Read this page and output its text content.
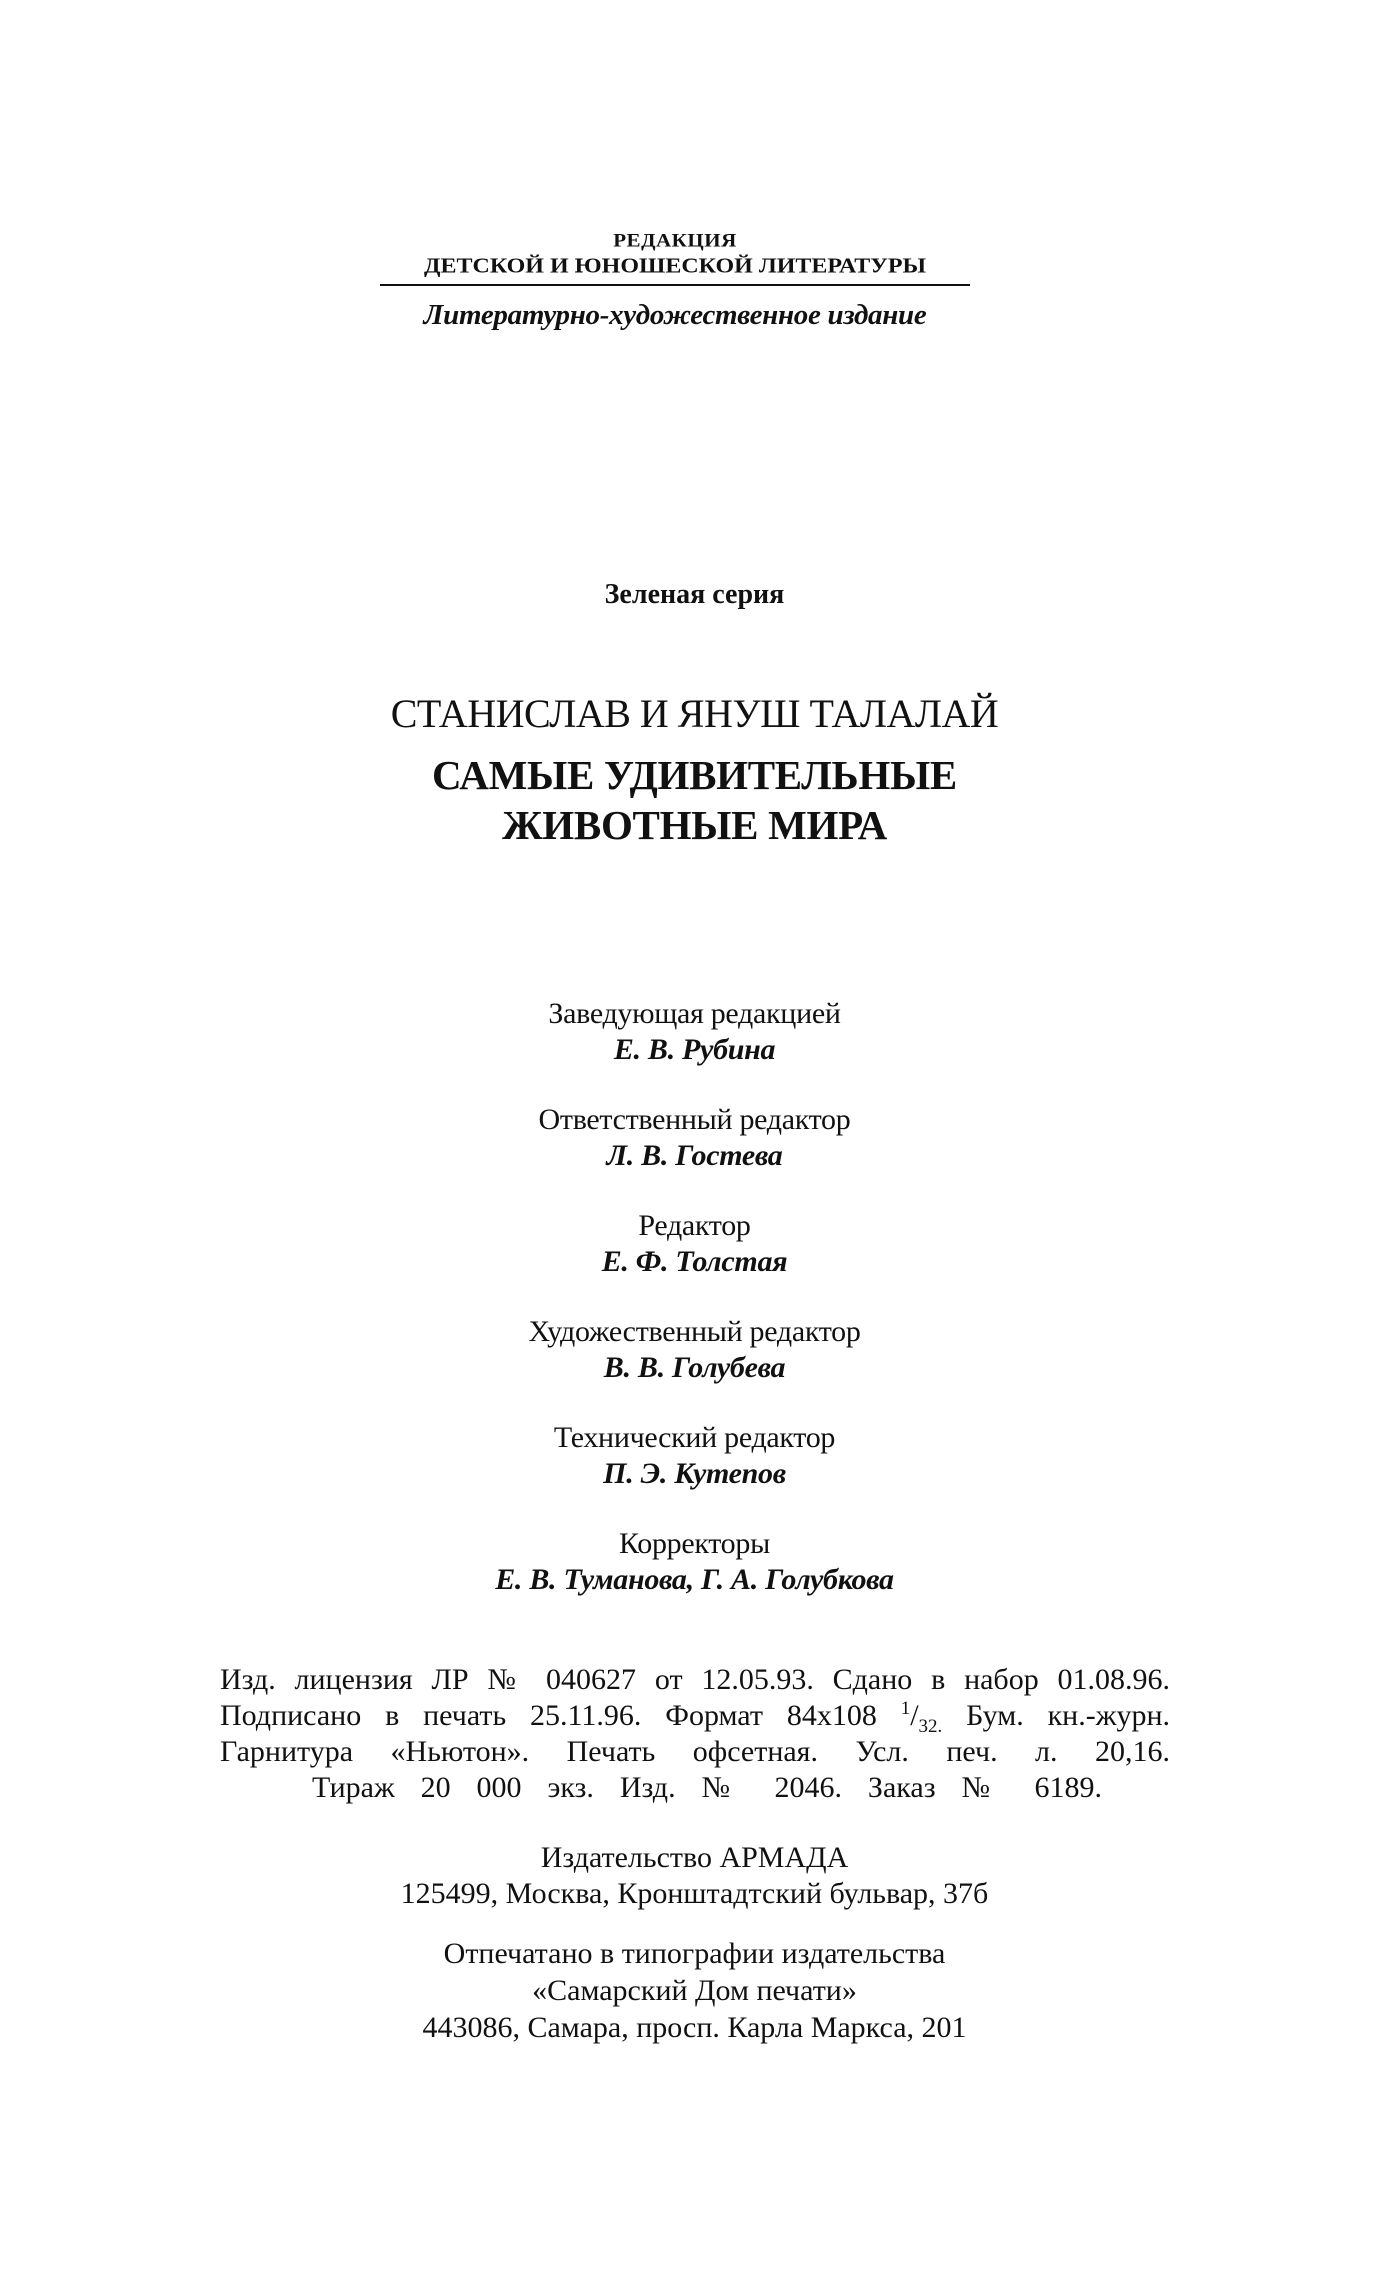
РЕДАКЦИЯ
ДЕТСКОЙ И ЮНОШЕСКОЙ ЛИТЕРАТУРЫ
Литературно-художественное издание
Зеленая серия
СТАНИСЛАВ И ЯНУШ ТАЛАЛАЙ
САМЫЕ УДИВИТЕЛЬНЫЕ
ЖИВОТНЫЕ МИРА
Заведующая редакцией
Е. В. Рубина
Ответственный редактор
Л. В. Гостева
Редактор
Е. Ф. Толстая
Художественный редактор
В. В. Голубева
Технический редактор
П. Э. Кутепов
Корректоры
Е. В. Туманова, Г. А. Голубкова
Изд. лицензия ЛР № 040627 от 12.05.93. Сдано в набор 01.08.96.
Подписано в печать 25.11.96. Формат 84х108 $^1/_{32.}$ Бум. кн.-журн.
Гарнитура «Ньютон». Печать офсетная. Усл. печ. л. 20,16.
Тираж 20 000 экз. Изд. № 2046. Заказ № 6189.
Издательство АРМАДА
125499, Москва, Кронштадтский бульвар, 37б
Отпечатано в типографии издательства
«Самарский Дом печати»
443086, Самара, просп. Карла Маркса, 201
